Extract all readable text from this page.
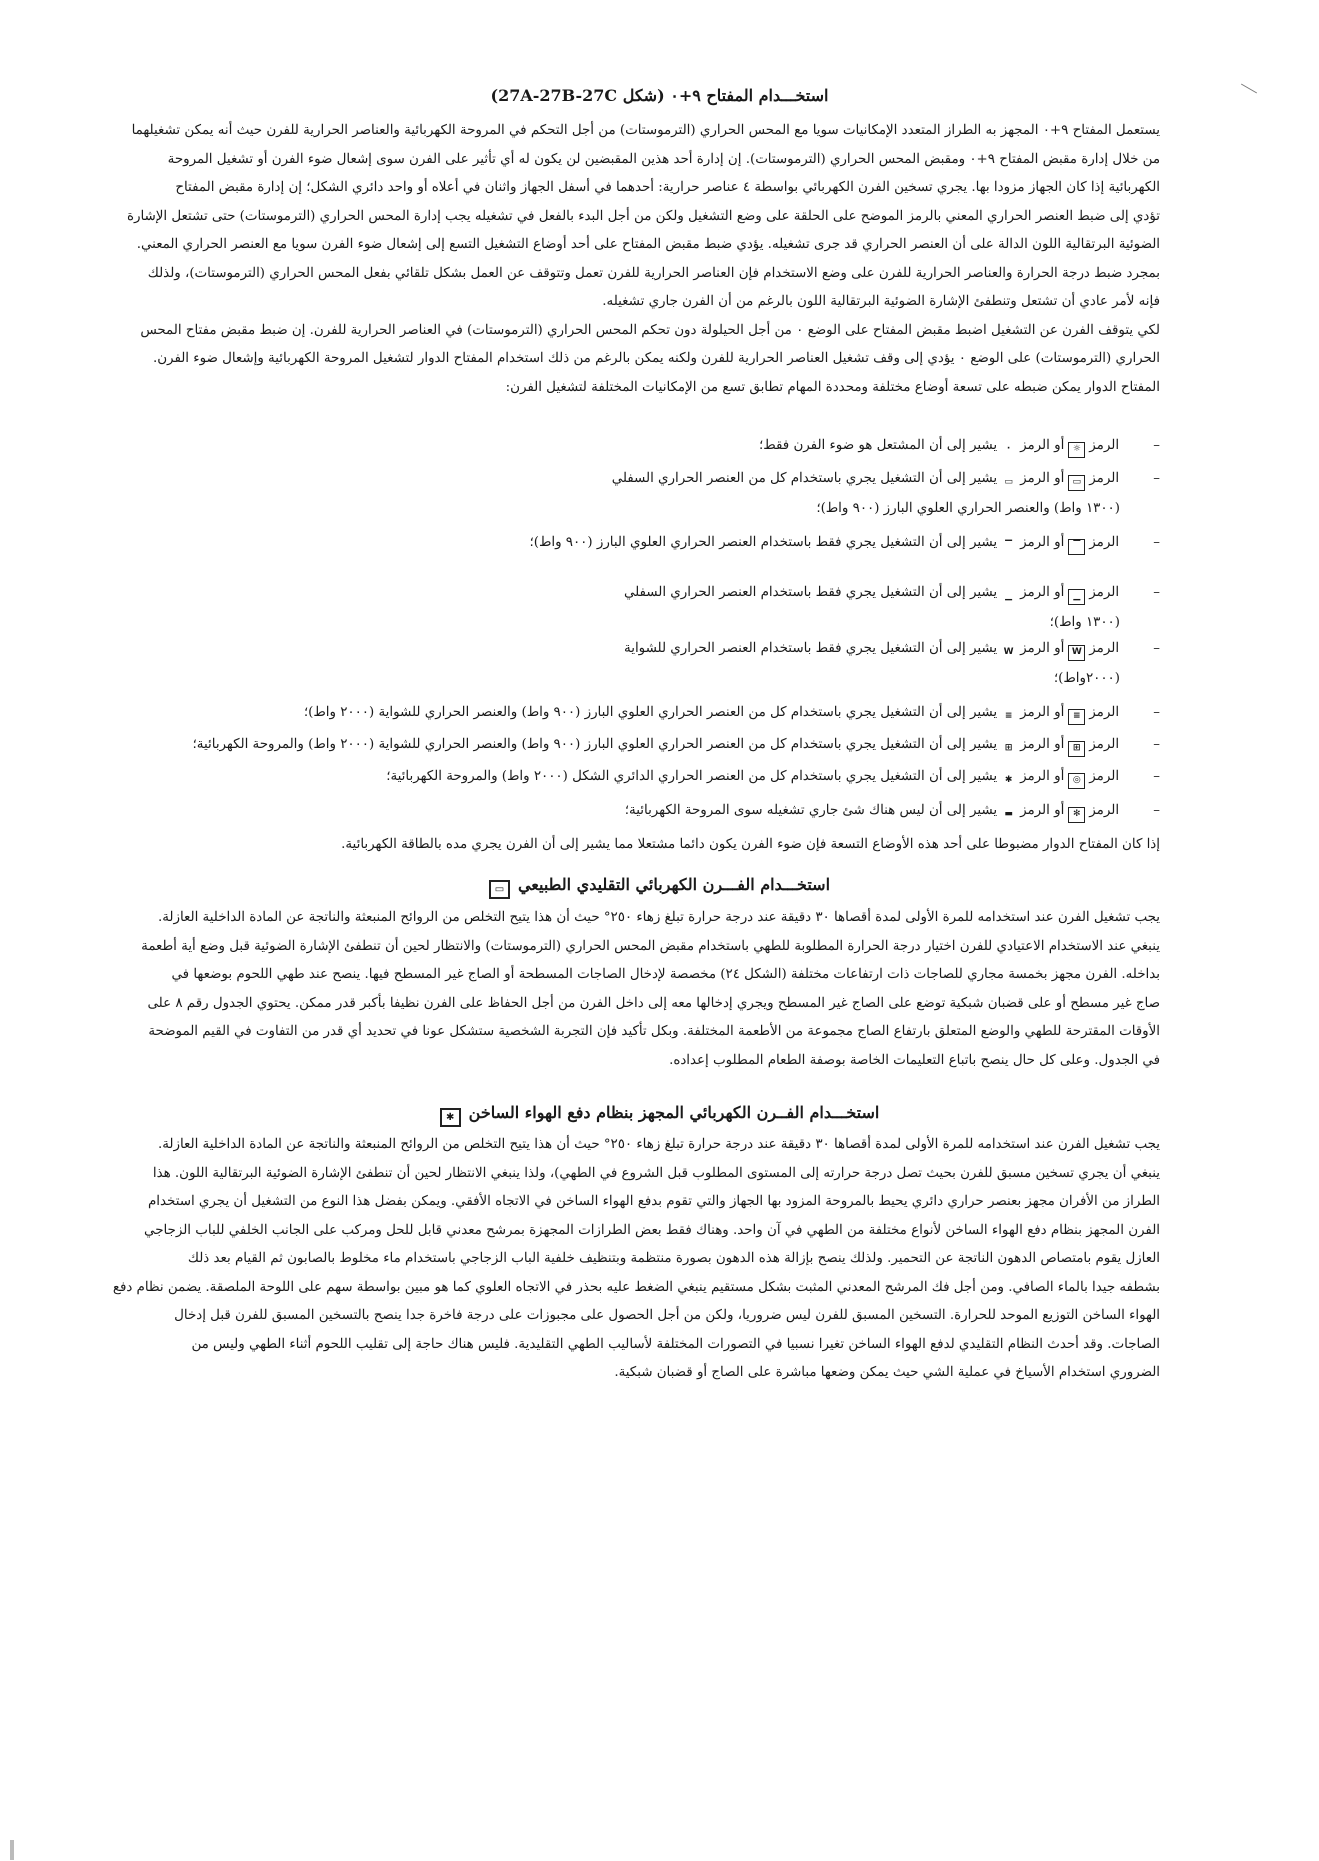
استخـــدام المفتاح ٩+٠ (شكل 27A-27B-27C)
يستعمل المفتاح ٩+٠ المجهز به الطراز المتعدد الإمكانيات سويا مع المحس الحراري (الترموستات) من أجل التحكم في المروحة الكهربائية والعناصر الحرارية للفرن حيث أنه يمكن تشغيلهما
من خلال إدارة مقبض المفتاح ٩+٠ ومقبض المحس الحراري (الترموستات). إن إدارة أحد هذين المقبضين لن يكون له أي تأثير على الفرن سوى إشعال ضوء الفرن أو تشغيل المروحة
الكهربائية إذا كان الجهاز مزودا بها. يجري تسخين الفرن الكهربائي بواسطة ٤ عناصر حرارية: أحدهما في أسفل الجهاز واثنان في أعلاه أو واحد دائري الشكل؛ إن إدارة مقبض المفتاح
تؤدي إلى ضبط العنصر الحراري المعني بالرمز الموضح على الحلقة على وضع التشغيل ولكن من أجل البدء بالفعل في تشغيله يجب إدارة المحس الحراري (الترموستات) حتى تشتعل الإشارة
الضوئية البرتقالية اللون الدالة على أن العنصر الحراري قد جرى تشغيله. يؤدي ضبط مقبض المفتاح على أحد أوضاع التشغيل التسع إلى إشعال ضوء الفرن سويا مع العنصر الحراري المعني.
بمجرد ضبط درجة الحرارة والعناصر الحرارية للفرن على وضع الاستخدام فإن العناصر الحرارية للفرن تعمل وتتوقف عن العمل بشكل تلقائي بفعل المحس الحراري (الترموستات)، ولذلك
فإنه لأمر عادي أن تشتعل وتنطفئ الإشارة الضوئية البرتقالية اللون بالرغم من أن الفرن جاري تشغيله.
لكي يتوقف الفرن عن التشغيل اضبط مقبض المفتاح على الوضع ٠ من أجل الحيلولة دون تحكم المحس الحراري (الترموستات) في العناصر الحرارية للفرن. إن ضبط مقبض مفتاح المحس
الحراري (الترموستات) على الوضع ٠ يؤدي إلى وقف تشغيل العناصر الحرارية للفرن ولكنه يمكن بالرغم من ذلك استخدام المفتاح الدوار لتشغيل المروحة الكهربائية وإشعال ضوء الفرن.
المفتاح الدوار يمكن ضبطه على تسعة أوضاع مختلفة ومحددة المهام تطابق تسع من الإمكانيات المختلفة لتشغيل الفرن:
– الرمز☼أو الرمز·يشير إلى أن المشتعل هو ضوء الفرن فقط؛
– الرمز▭أو الرمز▭يشير إلى أن التشغيل يجري باستخدام كل من العنصر الحراري السفلي
(١٣٠٠ واط) والعنصر الحراري العلوي البارز (٩٠٠ واط)؛
– الرمز▔أو الرمز▔يشير إلى أن التشغيل يجري فقط باستخدام العنصر الحراري العلوي البارز (٩٠٠ واط)؛
– الرمز▁أو الرمز▁يشير إلى أن التشغيل يجري فقط باستخدام العنصر الحراري السفلي
(١٣٠٠ واط)؛
– الرمزWأو الرمزWيشير إلى أن التشغيل يجري فقط باستخدام العنصر الحراري للشواية
(٢٠٠٠واط)؛
– الرمز≡أو الرمز≡يشير إلى أن التشغيل يجري باستخدام كل من العنصر الحراري العلوي البارز (٩٠٠ واط) والعنصر الحراري للشواية (٢٠٠٠ واط)؛
– الرمز⊞أو الرمز⊞يشير إلى أن التشغيل يجري باستخدام كل من العنصر الحراري العلوي البارز (٩٠٠ واط) والعنصر الحراري للشواية (٢٠٠٠ واط) والمروحة الكهربائية؛
– الرمز◎أو الرمز✱يشير إلى أن التشغيل يجري باستخدام كل من العنصر الحراري الدائري الشكل (٢٠٠٠ واط) والمروحة الكهربائية؛
– الرمز✻أو الرمز▬يشير إلى أن ليس هناك شئ جاري تشغيله سوى المروحة الكهربائية؛
إذا كان المفتاح الدوار مضبوطا على أحد هذه الأوضاع التسعة فإن ضوء الفرن يكون دائما مشتعلا مما يشير إلى أن الفرن يجري مده بالطاقة الكهربائية.
استخـــدام الفـــرن الكهربائي التقليدي الطبيعي▭
يجب تشغيل الفرن عند استخدامه للمرة الأولى لمدة أقصاها ٣٠ دقيقة عند درجة حرارة تبلغ زهاء ٢٥٠° حيث أن هذا يتيح التخلص من الروائح المنبعثة والناتجة عن المادة الداخلية العازلة.
ينبغي عند الاستخدام الاعتيادي للفرن اختيار درجة الحرارة المطلوبة للطهي باستخدام مقبض المحس الحراري (الترموستات) والانتظار لحين أن تنطفئ الإشارة الضوئية قبل وضع أية أطعمة
بداخله. الفرن مجهز بخمسة مجاري للصاجات ذات ارتفاعات مختلفة (الشكل ٢٤) مخصصة لإدخال الصاجات المسطحة أو الصاج غير المسطح فيها. ينصح عند طهي اللحوم بوضعها في
صاج غير مسطح أو على قضبان شبكية توضع على الصاج غير المسطح ويجري إدخالها معه إلى داخل الفرن من أجل الحفاظ على الفرن نظيفا بأكبر قدر ممكن. يحتوي الجدول رقم ٨ على
الأوقات المقترحة للطهي والوضع المتعلق بارتفاع الصاج مجموعة من الأطعمة المختلفة. وبكل تأكيد فإن التجربة الشخصية ستشكل عونا في تحديد أي قدر من التفاوت في القيم الموضحة
في الجدول. وعلى كل حال ينصح باتباع التعليمات الخاصة بوصفة الطعام المطلوب إعداده.
استخـــدام الفــرن الكهربائي المجهز بنظام دفع الهواء الساخن✱
يجب تشغيل الفرن عند استخدامه للمرة الأولى لمدة أقصاها ٣٠ دقيقة عند درجة حرارة تبلغ زهاء ٢٥٠° حيث أن هذا يتيح التخلص من الروائح المنبعثة والناتجة عن المادة الداخلية العازلة.
ينبغي أن يجري تسخين مسبق للفرن بحيث تصل درجة حرارته إلى المستوى المطلوب قبل الشروع في الطهي)، ولذا ينبغي الانتظار لحين أن تنطفئ الإشارة الضوئية البرتقالية اللون. هذا
الطراز من الأفران مجهز بعنصر حراري دائري يحيط بالمروحة المزود بها الجهاز والتي تقوم بدفع الهواء الساخن في الاتجاه الأفقي. ويمكن بفضل هذا النوع من التشغيل أن يجري استخدام
الفرن المجهز بنظام دفع الهواء الساخن لأنواع مختلفة من الطهي في آن واحد. وهناك فقط بعض الطرازات المجهزة بمرشح معدني قابل للحل ومركب على الجانب الخلفي للباب الزجاجي
العازل يقوم بامتصاص الدهون الناتجة عن التحمير. ولذلك ينصح بإزالة هذه الدهون بصورة منتظمة وبتنظيف خلفية الباب الزجاجي باستخدام ماء مخلوط بالصابون ثم القيام بعد ذلك
بشطفه جيدا بالماء الصافي. ومن أجل فك المرشح المعدني المثبت بشكل مستقيم ينبغي الضغط عليه بحذر في الاتجاه العلوي كما هو مبين بواسطة سهم على اللوحة الملصقة. يضمن نظام دفع
الهواء الساخن التوزيع الموحد للحرارة. التسخين المسبق للفرن ليس ضروريا، ولكن من أجل الحصول على مجبوزات على درجة فاخرة جدا ينصح بالتسخين المسبق للفرن قبل إدخال
الصاجات. وقد أحدث النظام التقليدي لدفع الهواء الساخن تغيرا نسبيا في التصورات المختلفة لأساليب الطهي التقليدية. فليس هناك حاجة إلى تقليب اللحوم أثناء الطهي وليس من
الضروري استخدام الأسياخ في عملية الشي حيث يمكن وضعها مباشرة على الصاج أو قضبان شبكية.
